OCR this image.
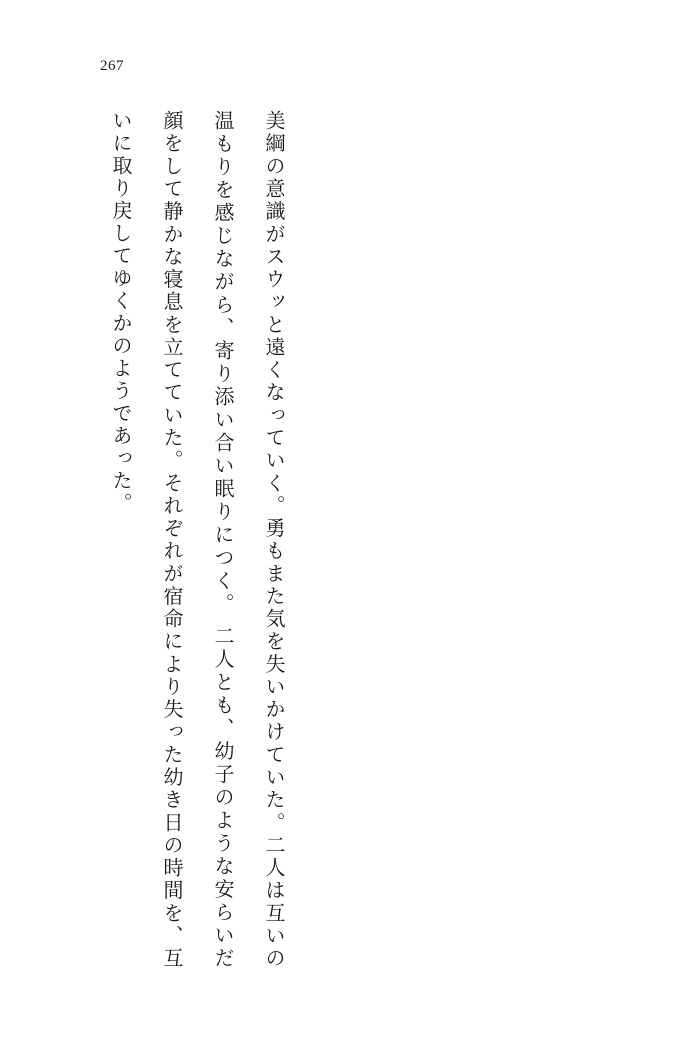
267
美綱の意識がスウッと遠くなっていく。勇もまた気を失いかけていた。二人は互いの温もりを感じながら、寄り添い合い眠りにつく。 二人とも、幼子のような安らいだ顔をして静かな寝息を立てていた。それぞれが宿命により失った幼き日の時間を、互いに取り戻してゆくかのようであった。
